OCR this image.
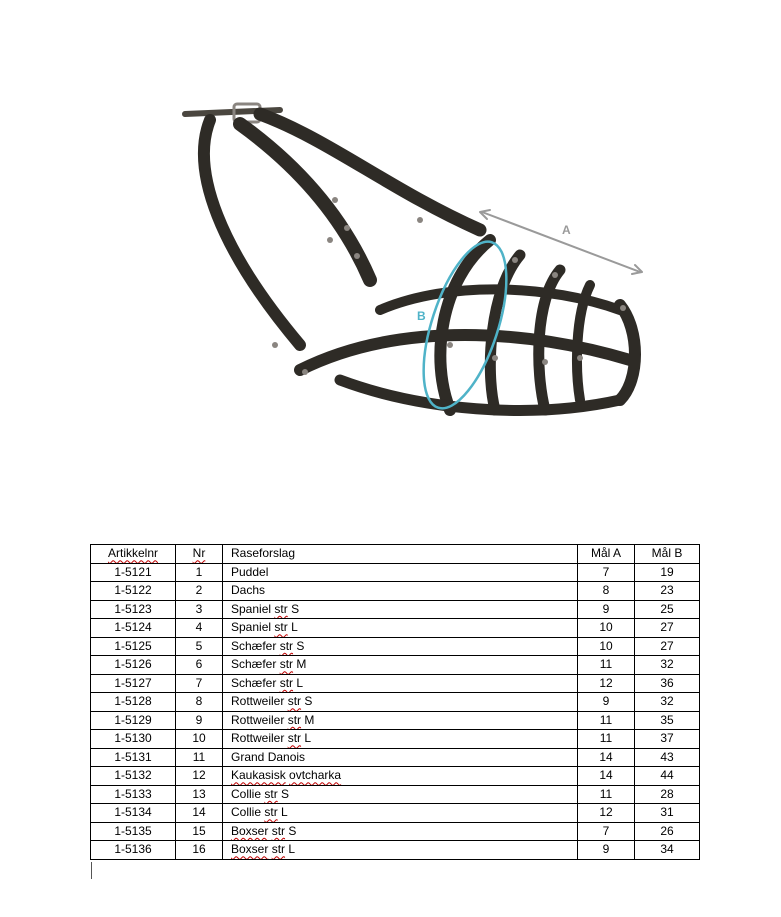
A
B
Artikkelnr	Nr	Raseforslag	Mål A	Mål B
1-5121	1	Puddel	7	19
1-5122	2	Dachs	8	23
1-5123	3	Spaniel str S	9	25
1-5124	4	Spaniel str L	10	27
1-5125	5	Schæfer str S	10	27
1-5126	6	Schæfer str M	11	32
1-5127	7	Schæfer str L	12	36
1-5128	8	Rottweiler str S	9	32
1-5129	9	Rottweiler str M	11	35
1-5130	10	Rottweiler str L	11	37
1-5131	11	Grand Danois	14	43
1-5132	12	Kaukasisk ovtcharka	14	44
1-5133	13	Collie str S	11	28
1-5134	14	Collie str L	12	31
1-5135	15	Boxser str S	7	26
1-5136	16	Boxser str L	9	34
